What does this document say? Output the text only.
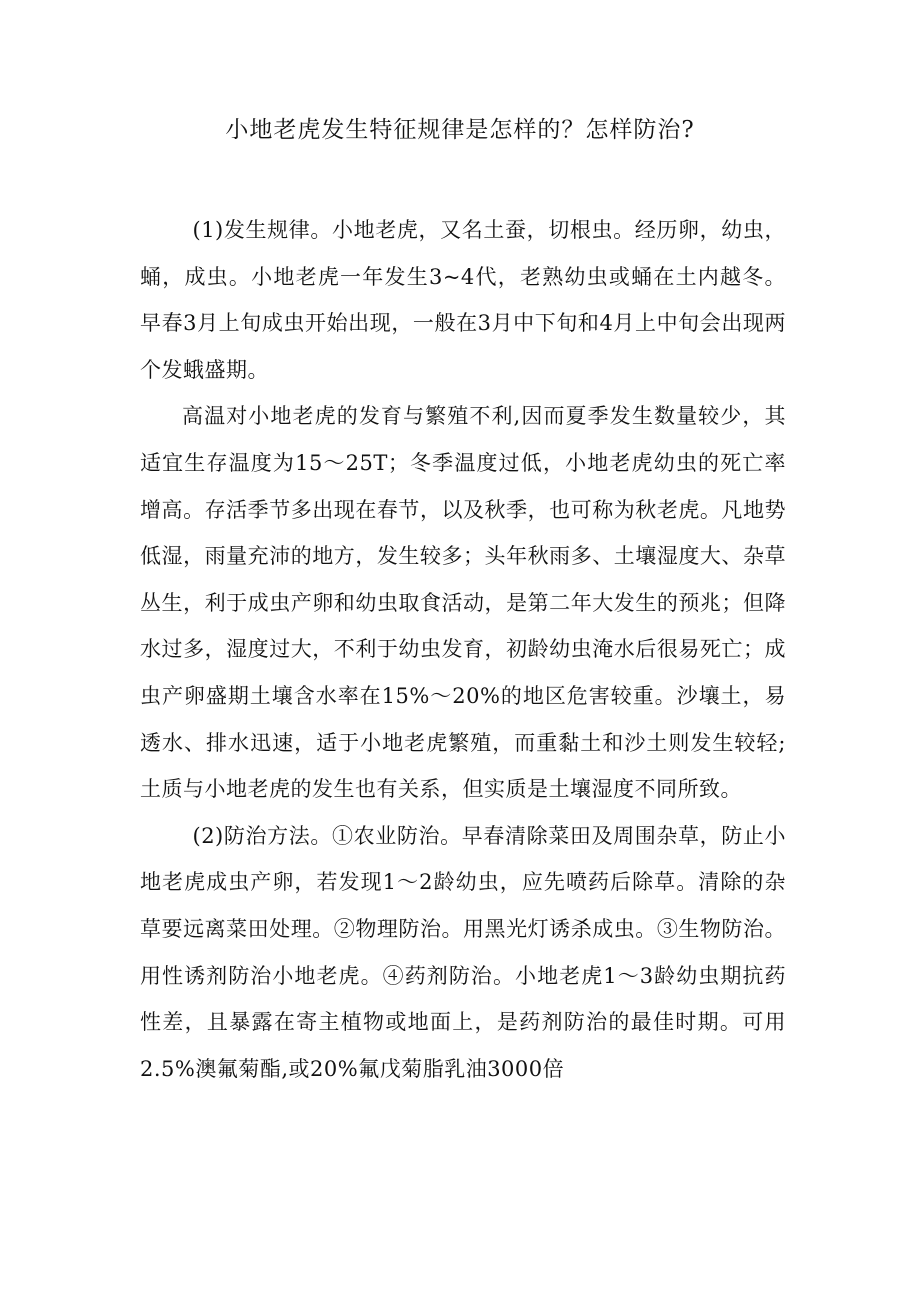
小地老虎发生特征规律是怎样的？怎样防治?

(1)发生规律。小地老虎，又名土蚕，切根虫。经历卵，幼虫，蛹，成虫。小地老虎一年发生3~4代，老熟幼虫或蛹在土内越冬。早春3月上旬成虫开始出现，一般在3月中下旬和4月上中旬会出现两个发蛾盛期。

高温对小地老虎的发育与繁殖不利,因而夏季发生数量较少，其适宜生存温度为15～25T；冬季温度过低，小地老虎幼虫的死亡率增高。存活季节多出现在春节，以及秋季，也可称为秋老虎。凡地势低湿，雨量充沛的地方，发生较多；头年秋雨多、土壤湿度大、杂草丛生，利于成虫产卵和幼虫取食活动，是第二年大发生的预兆；但降水过多，湿度过大，不利于幼虫发育，初龄幼虫淹水后很易死亡；成虫产卵盛期土壤含水率在15%～20%的地区危害较重。沙壤土，易透水、排水迅速，适于小地老虎繁殖，而重黏土和沙土则发生较轻;土质与小地老虎的发生也有关系，但实质是土壤湿度不同所致。

(2)防治方法。①农业防治。早春清除菜田及周围杂草，防止小地老虎成虫产卵，若发现1～2龄幼虫，应先喷药后除草。清除的杂草要远离菜田处理。②物理防治。用黑光灯诱杀成虫。③生物防治。用性诱剂防治小地老虎。④药剂防治。小地老虎1～3龄幼虫期抗药性差，且暴露在寄主植物或地面上，是药剂防治的最佳时期。可用2.5%澳氟菊酯,或20%氟戊菊脂乳油3000倍
